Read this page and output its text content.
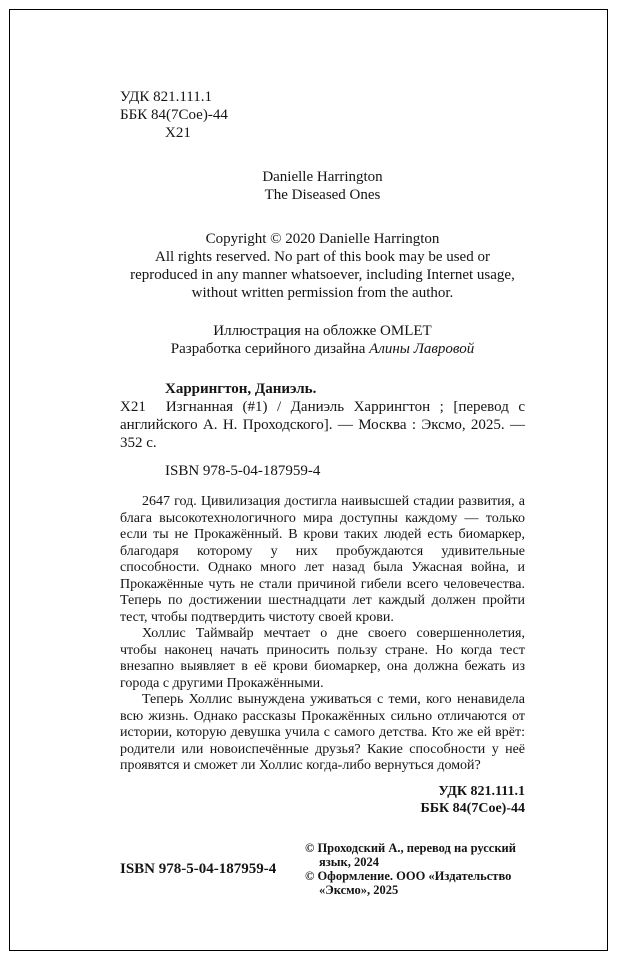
УДК 821.111.1
ББК 84(7Сое)-44
Х21
Danielle Harrington
The Diseased Ones
Copyright © 2020 Danielle Harrington
All rights reserved. No part of this book may be used or reproduced in any manner whatsoever, including Internet usage, without written permission from the author.
Иллюстрация на обложке OMLET
Разработка серийного дизайна Алины Лавровой
Харрингтон, Даниэль.

Х21 Изгнанная (#1) / Даниэль Харрингтон ; [перевод с английского А. Н. Проходского]. — Москва : Эксмо, 2025. — 352 с.

ISBN 978-5-04-187959-4

2647 год. Цивилизация достигла наивысшей стадии развития, а блага высокотехнологичного мира доступны каждому — только если ты не Прокажённый. В крови таких людей есть биомаркер, благодаря которому у них пробуждаются удивительные способности. Однако много лет назад была Ужасная война, и Прокажённые чуть не стали причиной гибели всего человечества. Теперь по достижении шестнадцати лет каждый должен пройти тест, чтобы подтвердить чистоту своей крови.

Холлис Таймвайр мечтает о дне своего совершеннолетия, чтобы наконец начать приносить пользу стране. Но когда тест внезапно выявляет в её крови биомаркер, она должна бежать из города с другими Прокажёнными.

Теперь Холлис вынуждена уживаться с теми, кого ненавидела всю жизнь. Однако рассказы Прокажённых сильно отличаются от истории, которую девушка учила с самого детства. Кто же ей врёт: родители или новоиспечённые друзья? Какие способности у неё проявятся и сможет ли Холлис когда-либо вернуться домой?

УДК 821.111.1
ББК 84(7Сое)-44
ISBN 978-5-04-187959-4

© Проходский А., перевод на русский язык, 2024

© Оформление. ООО «Издательство «Эксмо», 2025
